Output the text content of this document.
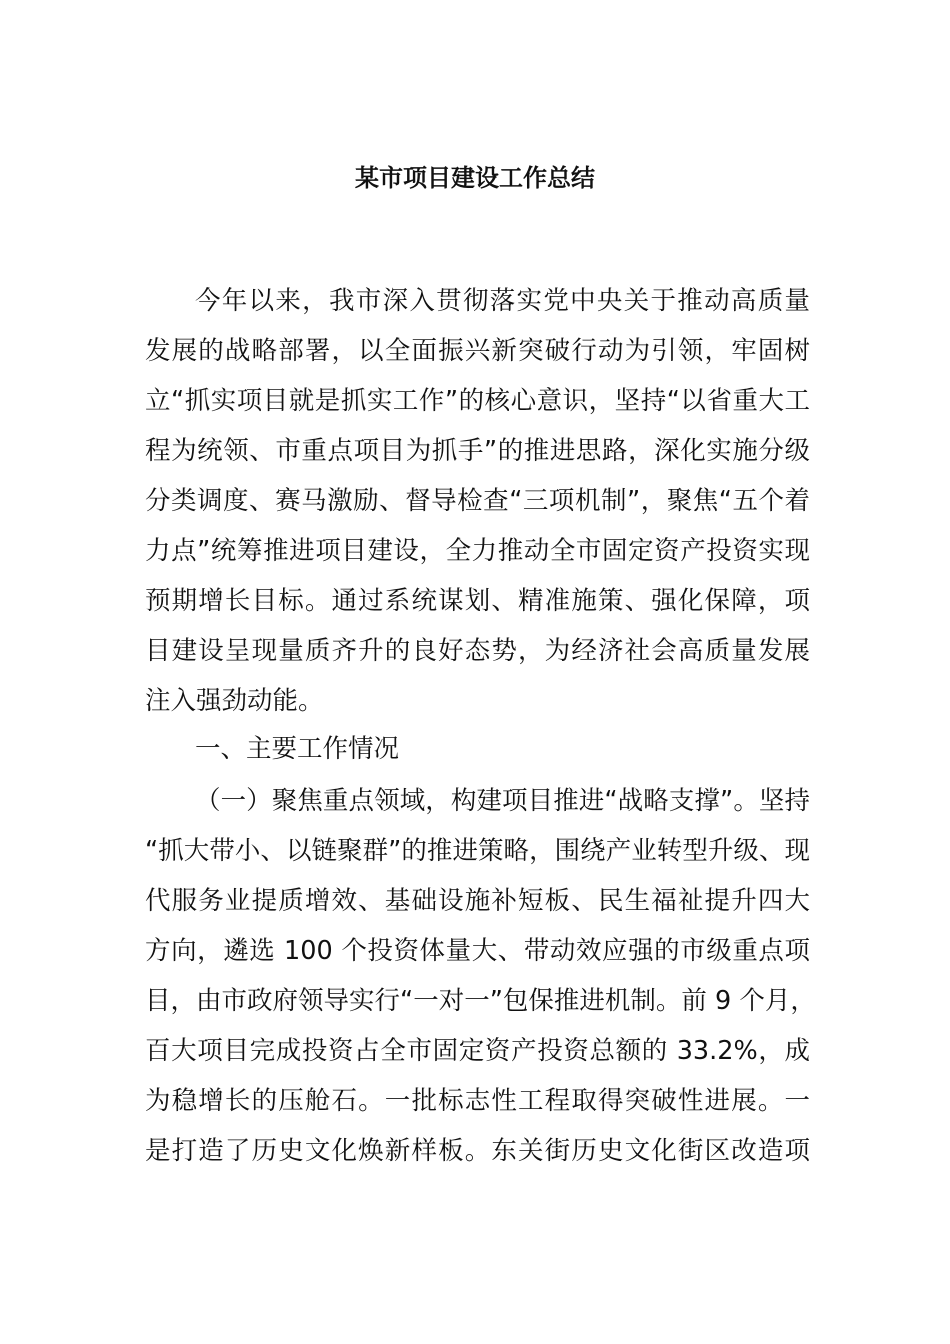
某市项目建设工作总结
今年以来，我市深入贯彻落实党中央关于推动高质量
发展的战略部署，以全面振兴新突破行动为引领，牢固树
立“抓实项目就是抓实工作”的核心意识，坚持“以省重大工
程为统领、市重点项目为抓手”的推进思路，深化实施分级
分类调度、赛马激励、督导检查“三项机制”，聚焦“五个着
力点”统筹推进项目建设，全力推动全市固定资产投资实现
预期增长目标。通过系统谋划、精准施策、强化保障，项
目建设呈现量质齐升的良好态势，为经济社会高质量发展
注入强劲动能。
一、主要工作情况
（一）聚焦重点领域，构建项目推进“战略支撑”。坚持
“抓大带小、以链聚群”的推进策略，围绕产业转型升级、现
代服务业提质增效、基础设施补短板、民生福祉提升四大
方向，遴选 100 个投资体量大、带动效应强的市级重点项
目，由市政府领导实行“一对一”包保推进机制。前 9 个月，
百大项目完成投资占全市固定资产投资总额的 33.2%，成
为稳增长的压舱石。一批标志性工程取得突破性进展。一
是打造了历史文化焕新样板。东关街历史文化街区改造项
